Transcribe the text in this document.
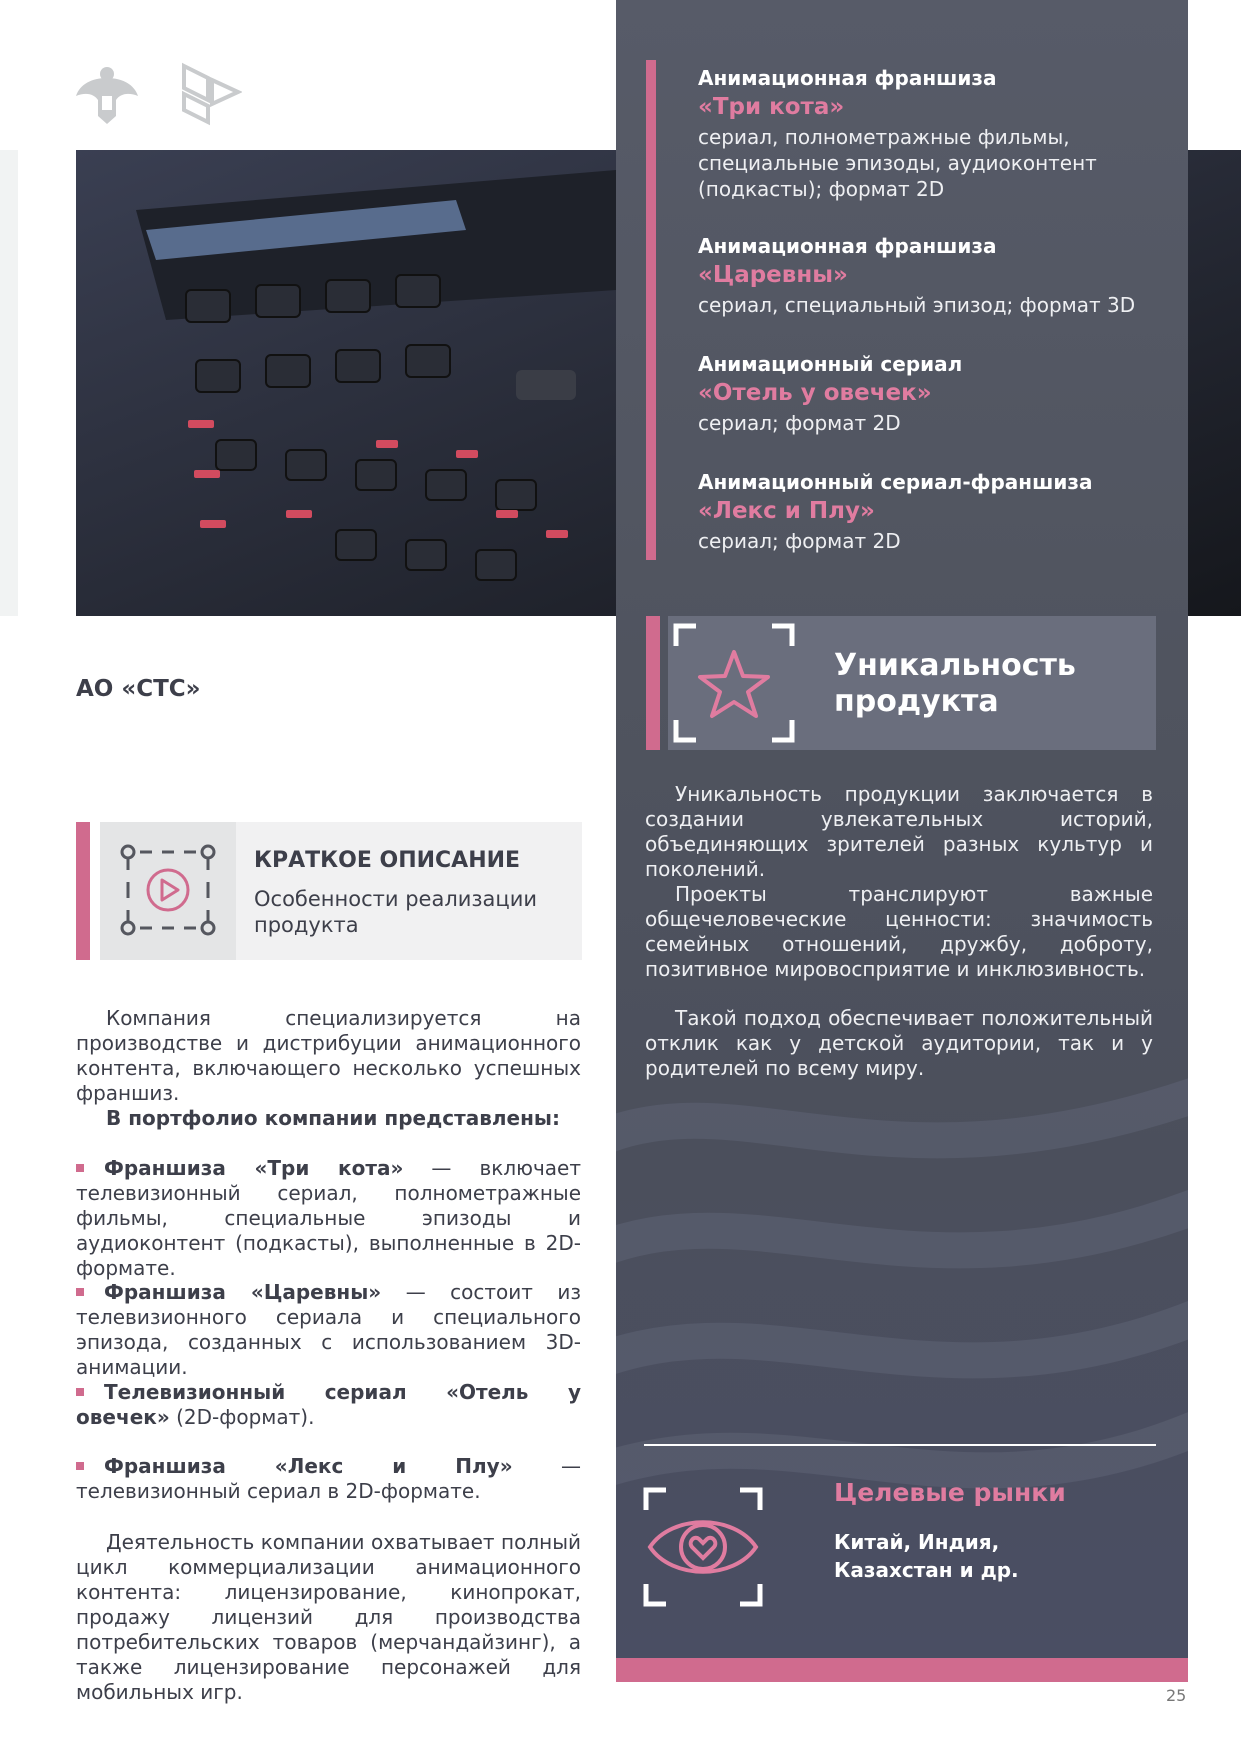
Анимационная франшиза
«Три кота»
сериал, полнометражные фильмы, специальные эпизоды, аудиоконтент (подкасты); формат 2D
Анимационная франшиза
«Царевны»
сериал, специальный эпизод; формат 3D
Анимационный сериал
«Отель у овечек»
сериал; формат 2D
Анимационный сериал-франшиза
«Лекс и Плу»
сериал; формат 2D
Уникальность продукта
Уникальность продукции заключается в создании увлекательных историй, объединяющих зрителей разных культур и поколений.
Проекты транслируют важные общечеловеческие ценности: значимость семейных отношений, дружбу, доброту, позитивное мировосприятие и инклюзивность.
Такой подход обеспечивает положительный отклик как у детской аудитории, так и у родителей по всему миру.
Целевые рынки
Китай, Индия,
Казахстан и др.
АО «СТС»
КРАТКОЕ ОПИСАНИЕ
Особенности реализации продукта
Компания специализируется на производстве и дистрибуции анимационного контента, включающего несколько успешных франшиз.
В портфолио компании представлены:
Франшиза «Три кота» — включает телевизионный сериал, полнометражные фильмы, специальные эпизоды и аудиоконтент (подкасты), выполненные в 2D-формате.
Франшиза «Царевны» — состоит из телевизионного сериала и специального эпизода, созданных с использованием 3D-анимации.
Телевизионный сериал «Отель у овечек» (2D-формат).
Франшиза «Лекс и Плу» — телевизионный сериал в 2D-формате.
Деятельность компании охватывает полный цикл коммерциализации анимационного контента: лицензирование, кинопрокат, продажу лицензий для производства потребительских товаров (мерчандайзинг), а также лицензирование персонажей для мобильных игр.	25
